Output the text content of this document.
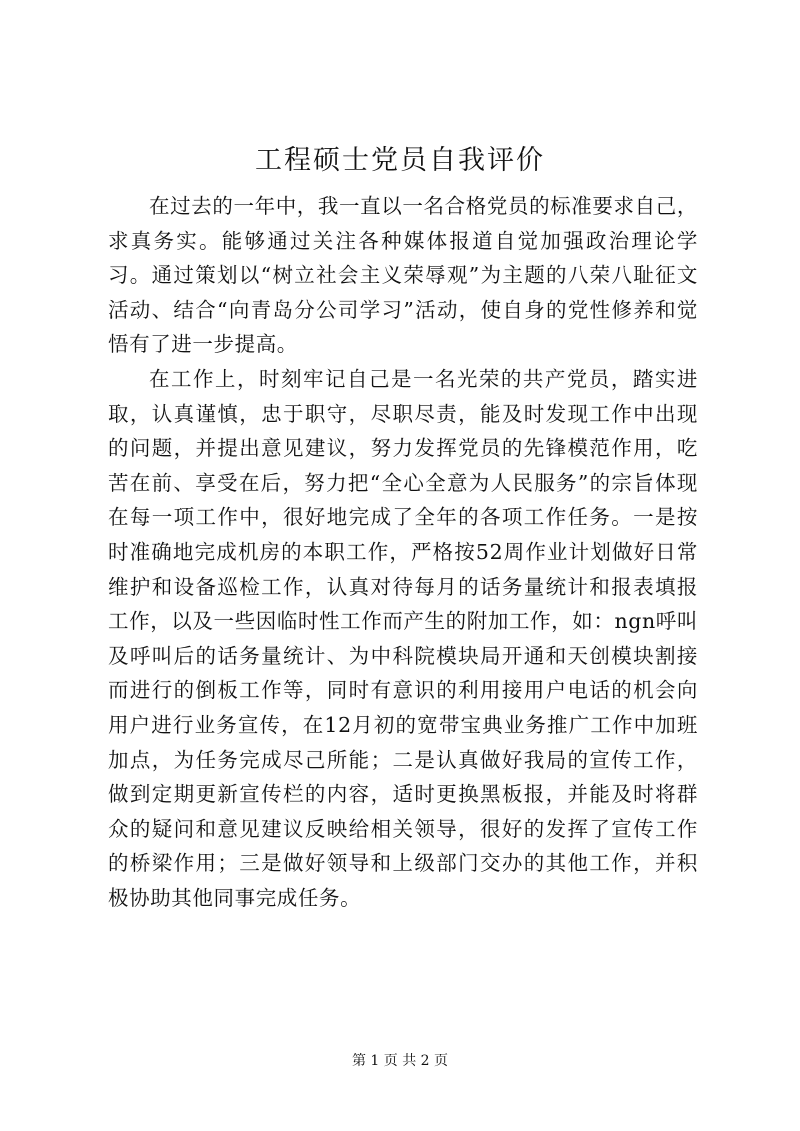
工程硕士党员自我评价

在过去的一年中，我一直以一名合格党员的标准要求自己，求真务实。能够通过关注各种媒体报道自觉加强政治理论学习。通过策划以“树立社会主义荣辱观”为主题的八荣八耻征文活动、结合“向青岛分公司学习”活动，使自身的党性修养和觉悟有了进一步提高。

在工作上，时刻牢记自己是一名光荣的共产党员，踏实进取，认真谨慎，忠于职守，尽职尽责，能及时发现工作中出现的问题，并提出意见建议，努力发挥党员的先锋模范作用，吃苦在前、享受在后，努力把“全心全意为人民服务”的宗旨体现在每一项工作中，很好地完成了全年的各项工作任务。一是按时准确地完成机房的本职工作，严格按52周作业计划做好日常维护和设备巡检工作，认真对待每月的话务量统计和报表填报工作，以及一些因临时性工作而产生的附加工作，如：ngn呼叫及呼叫后的话务量统计、为中科院模块局开通和天创模块割接而进行的倒板工作等，同时有意识的利用接用户电话的机会向用户进行业务宣传，在12月初的宽带宝典业务推广工作中加班加点，为任务完成尽己所能；二是认真做好我局的宣传工作，做到定期更新宣传栏的内容，适时更换黑板报，并能及时将群众的疑问和意见建议反映给相关领导，很好的发挥了宣传工作的桥梁作用；三是做好领导和上级部门交办的其他工作，并积极协助其他同事完成任务。

第 1 页 共 2 页
